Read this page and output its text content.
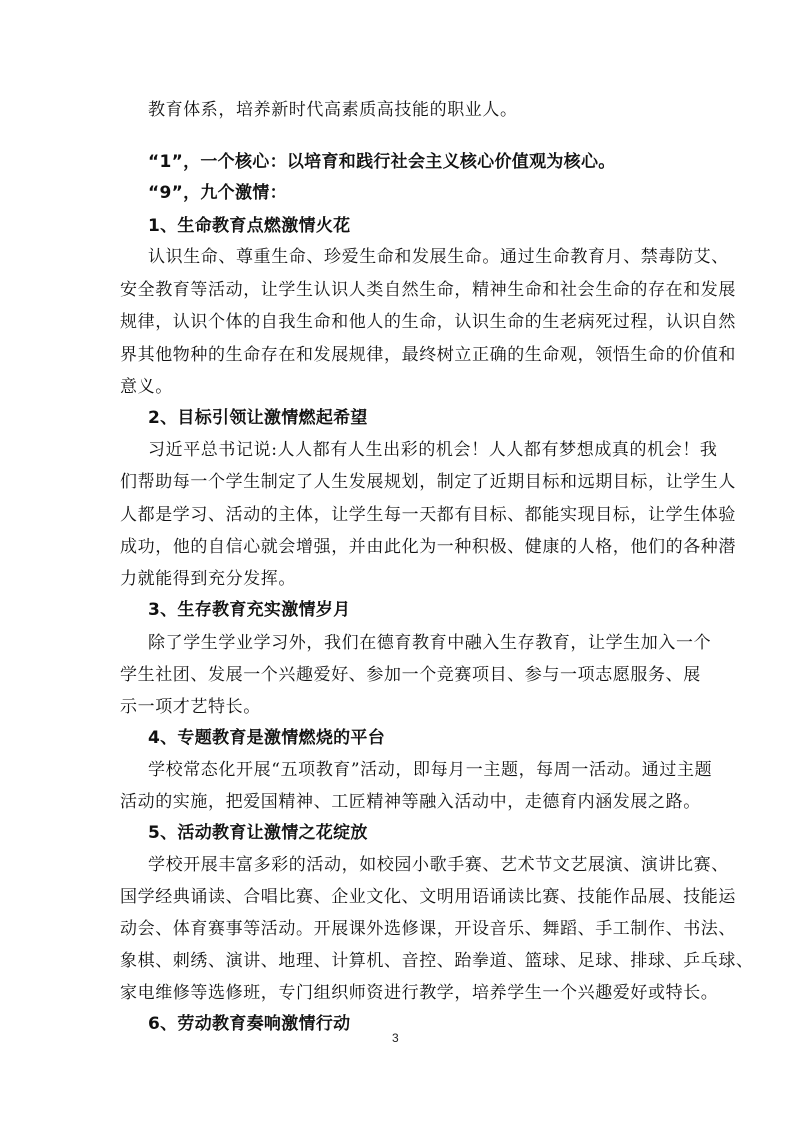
教育体系，培养新时代高素质高技能的职业人。
“1”，一个核心：以培育和践行社会主义核心价值观为核心。
“9”，九个激情：
1、生命教育点燃激情火花
认识生命、尊重生命、珍爱生命和发展生命。通过生命教育月、禁毒防艾、
安全教育等活动，让学生认识人类自然生命，精神生命和社会生命的存在和发展
规律，认识个体的自我生命和他人的生命，认识生命的生老病死过程，认识自然
界其他物种的生命存在和发展规律，最终树立正确的生命观，领悟生命的价值和
意义。
2、目标引领让激情燃起希望
习近平总书记说:人人都有人生出彩的机会！人人都有梦想成真的机会！我
们帮助每一个学生制定了人生发展规划，制定了近期目标和远期目标，让学生人
人都是学习、活动的主体，让学生每一天都有目标、都能实现目标，让学生体验
成功，他的自信心就会增强，并由此化为一种积极、健康的人格，他们的各种潜
力就能得到充分发挥。
3、生存教育充实激情岁月
除了学生学业学习外，我们在德育教育中融入生存教育，让学生加入一个
学生社团、发展一个兴趣爱好、参加一个竞赛项目、参与一项志愿服务、展
示一项才艺特长。
4、专题教育是激情燃烧的平台
学校常态化开展“五项教育”活动，即每月一主题，每周一活动。通过主题
活动的实施，把爱国精神、工匠精神等融入活动中，走德育内涵发展之路。
5、活动教育让激情之花绽放
学校开展丰富多彩的活动，如校园小歌手赛、艺术节文艺展演、演讲比赛、
国学经典诵读、合唱比赛、企业文化、文明用语诵读比赛、技能作品展、技能运
动会、体育赛事等活动。开展课外选修课，开设音乐、舞蹈、手工制作、书法、
象棋、刺绣、演讲、地理、计算机、音控、跆拳道、篮球、足球、排球、乒乓球、
家电维修等选修班，专门组织师资进行教学，培养学生一个兴趣爱好或特长。
6、劳动教育奏响激情行动
3
